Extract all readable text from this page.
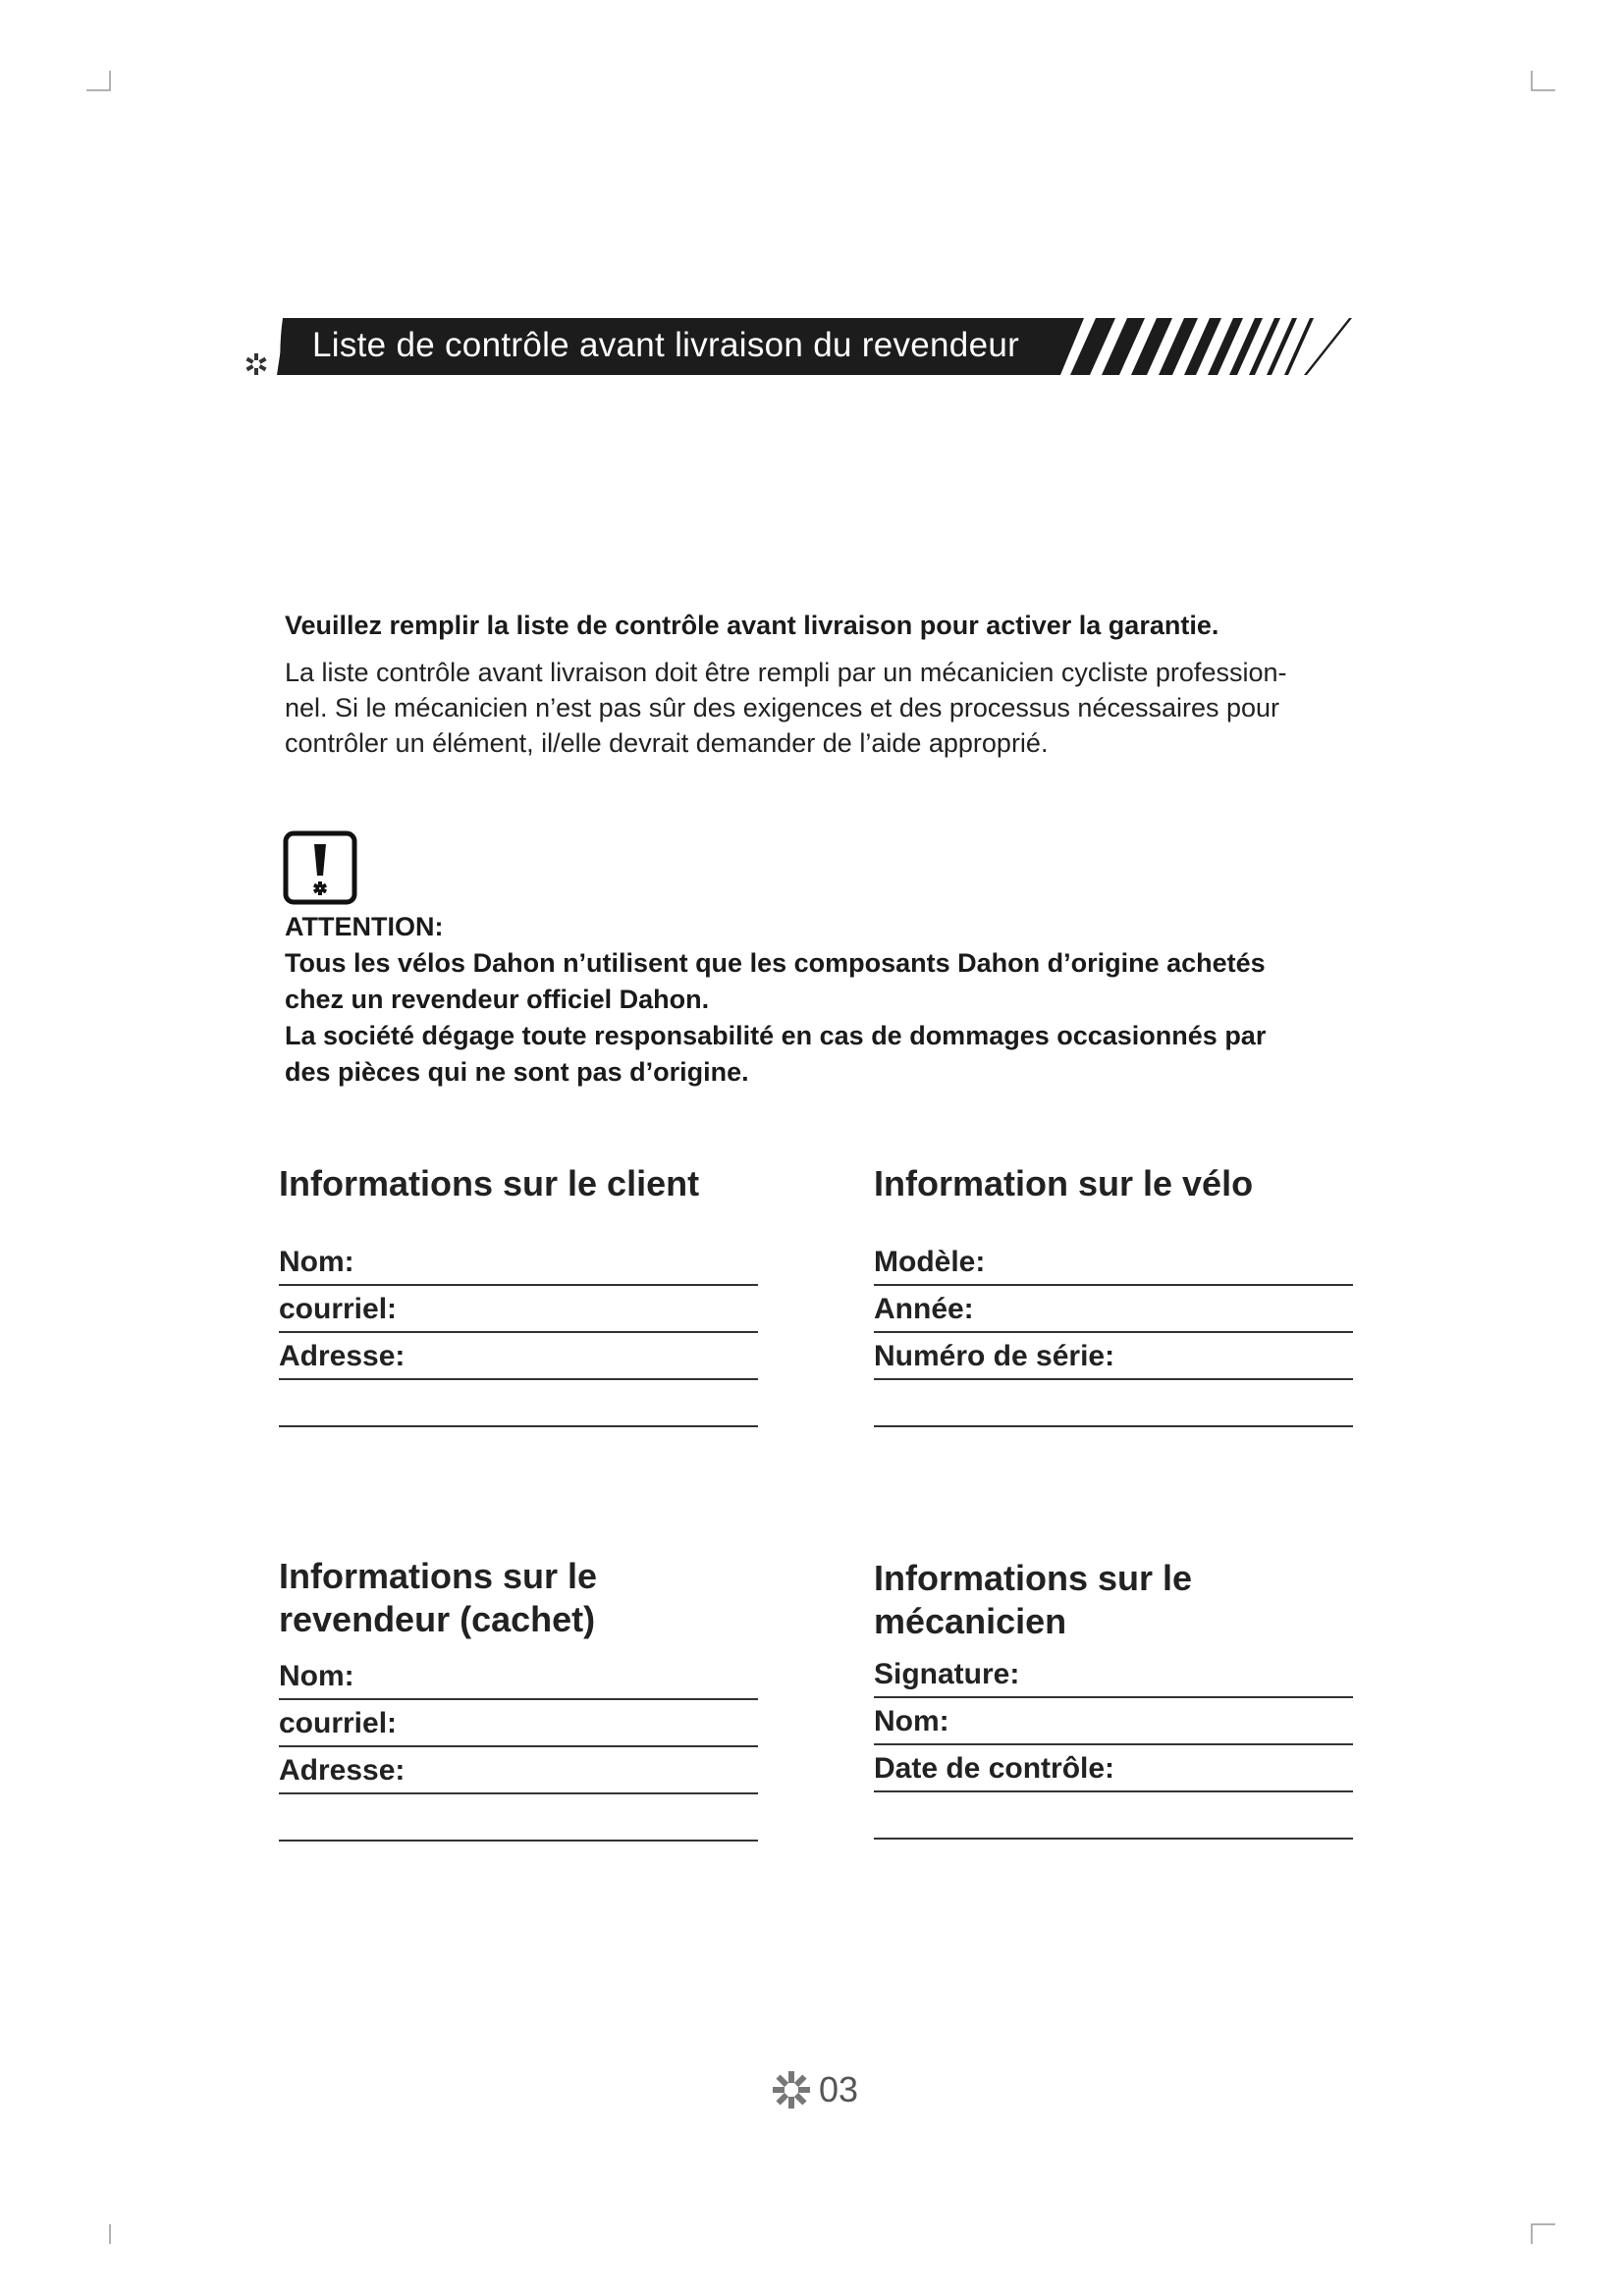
Liste de contrôle avant livraison du revendeur

Veuillez remplir la liste de contrôle avant livraison pour activer la garantie.

La liste contrôle avant livraison doit être rempli par un mécanicien cycliste profession-
nel. Si le mécanicien n’est pas sûr des exigences et des processus nécessaires pour
contrôler un élément, il/elle devrait demander de l’aide approprié.

ATTENTION:

Tous les vélos Dahon n’utilisent que les composants Dahon d’origine achetés

chez un revendeur officiel Dahon.

La société dégage toute responsabilité en cas de dommages occasionnés par

des pièces qui ne sont pas d’origine.

Informations sur le client
Nom:
courriel:
Adresse:
Information sur le vélo
Modèle:
Année:
Numéro de série:
Informations sur le
revendeur (cachet)
Nom:
courriel:
Adresse:
Informations sur le
mécanicien
Signature:
Nom:
Date de contrôle:
03
